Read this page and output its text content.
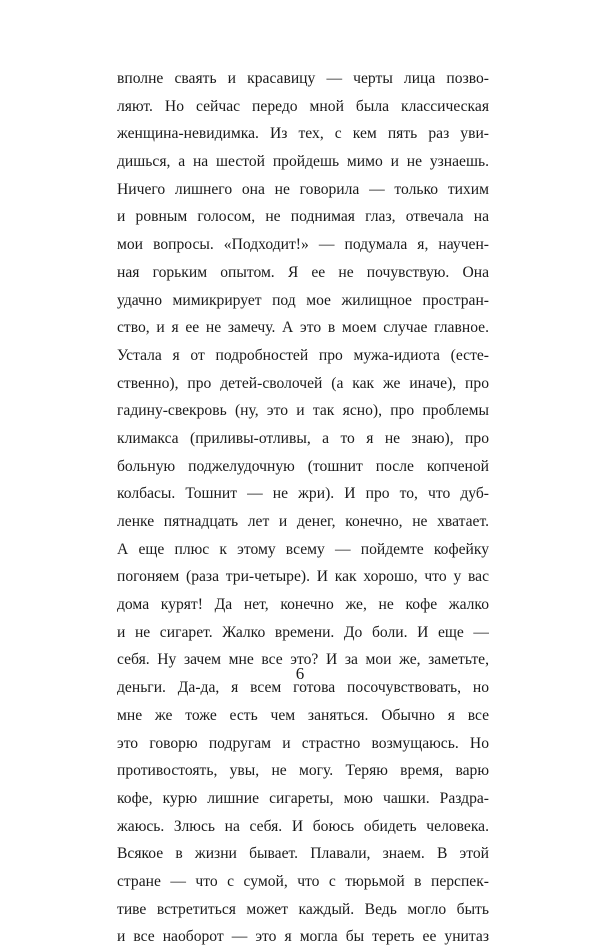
вполне сваять и красавицу — черты лица позво-
ляют. Но сейчас передо мной была классическая
женщина-невидимка. Из тех, с кем пять раз уви-
дишься, а на шестой пройдешь мимо и не узнаешь.
Ничего лишнего она не говорила — только тихим
и ровным голосом, не поднимая глаз, отвечала на
мои вопросы. «Подходит!» — подумала я, научен-
ная горьким опытом. Я ее не почувствую. Она
удачно мимикрирует под мое жилищное простран-
ство, и я ее не замечу. А это в моем случае главное.
Устала я от подробностей про мужа-идиота (есте-
ственно), про детей-сволочей (а как же иначе), про
гадину-свекровь (ну, это и так ясно), про проблемы
климакса (приливы-отливы, а то я не знаю), про
больную поджелудочную (тошнит после копченой
колбасы. Тошнит — не жри). И про то, что дуб-
ленке пятнадцать лет и денег, конечно, не хватает.
А еще плюс к этому всему — пойдемте кофейку
погоняем (раза три-четыре). И как хорошо, что у вас
дома курят! Да нет, конечно же, не кофе жалко
и не сигарет. Жалко времени. До боли. И еще —
себя. Ну зачем мне все это? И за мои же, заметьте,
деньги. Да-да, я всем готова посочувствовать, но
мне же тоже есть чем заняться. Обычно я все
это говорю подругам и страстно возмущаюсь. Но
противостоять, увы, не могу. Теряю время, варю
кофе, курю лишние сигареты, мою чашки. Раздра-
жаюсь. Злюсь на себя. И боюсь обидеть человека.
Всякое в жизни бывает. Плавали, знаем. В этой
стране — что с сумой, что с тюрьмой в перспек-
тиве встретиться может каждый. Ведь могло быть
и все наоборот — это я могла бы тереть ее унитаз
6
